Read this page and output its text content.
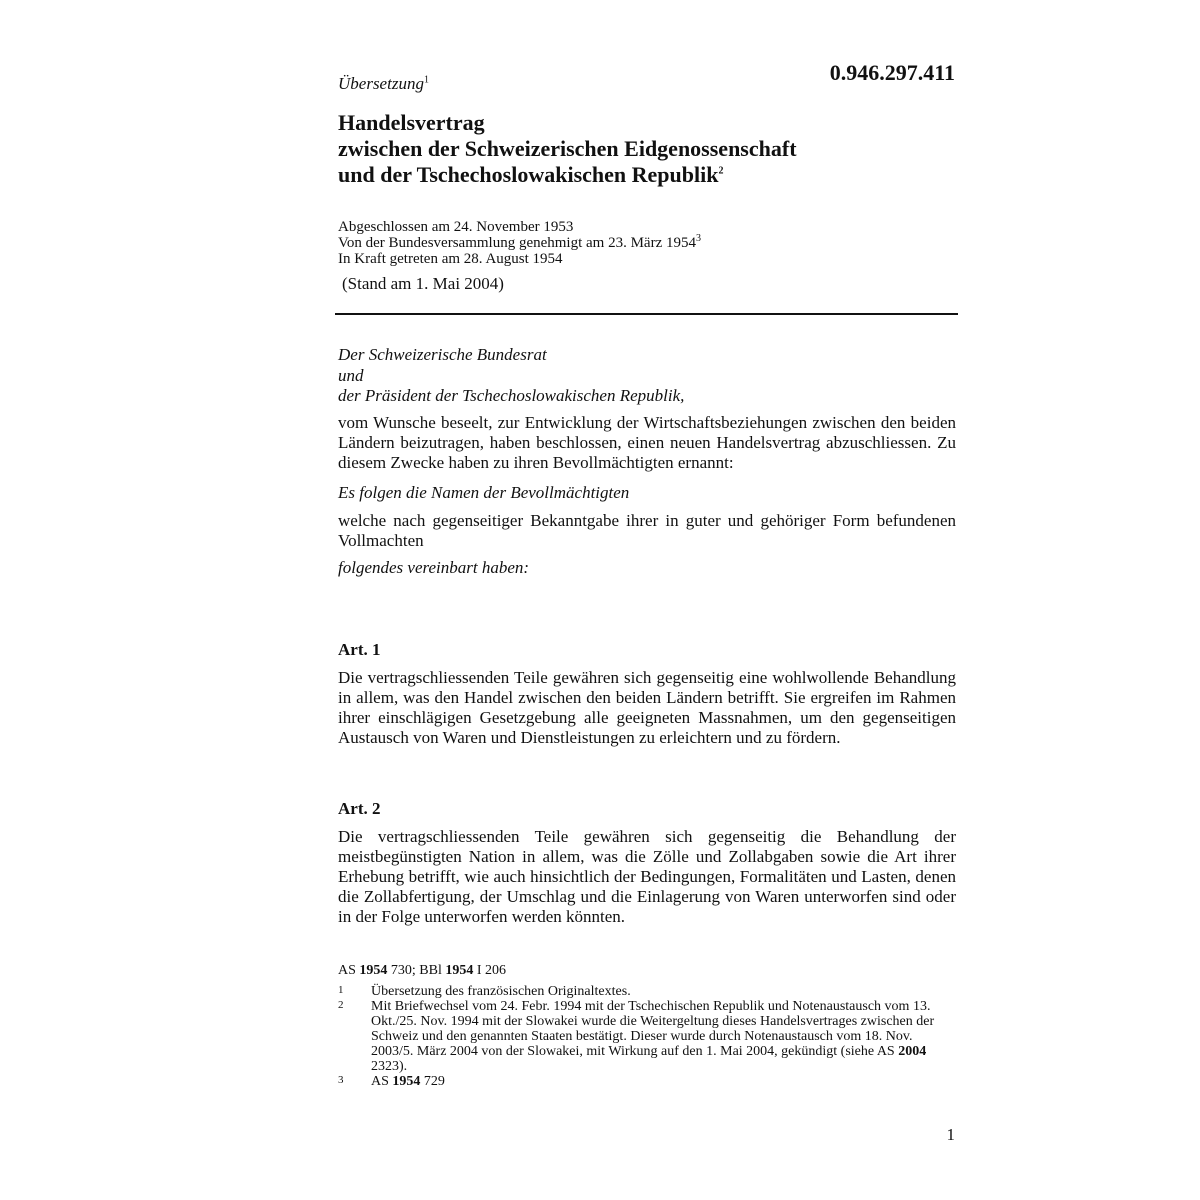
Übersetzung$^1$	0.946.297.411
Handelsvertrag
zwischen der Schweizerischen Eidgenossenschaft
und der Tschechoslowakischen Republik$^2$
Abgeschlossen am 24. November 1953
Von der Bundesversammlung genehmigt am 23. März 1954$^3$
In Kraft getreten am 28. August 1954
(Stand am 1. Mai 2004)
Der Schweizerische Bundesrat
und
der Präsident der Tschechoslowakischen Republik,
vom Wunsche beseelt, zur Entwicklung der Wirtschaftsbeziehungen zwischen den beiden Ländern beizutragen, haben beschlossen, einen neuen Handelsvertrag abzuschliessen. Zu diesem Zwecke haben zu ihren Bevollmächtigten ernannt:
Es folgen die Namen der Bevollmächtigten
welche nach gegenseitiger Bekanntgabe ihrer in guter und gehöriger Form befundenen Vollmachten
folgendes vereinbart haben:
Art. 1
Die vertragschliessenden Teile gewähren sich gegenseitig eine wohlwollende Behandlung in allem, was den Handel zwischen den beiden Ländern betrifft. Sie ergreifen im Rahmen ihrer einschlägigen Gesetzgebung alle geeigneten Massnahmen, um den gegenseitigen Austausch von Waren und Dienstleistungen zu erleichtern und zu fördern.
Art. 2
Die vertragschliessenden Teile gewähren sich gegenseitig die Behandlung der meistbegünstigten Nation in allem, was die Zölle und Zollabgaben sowie die Art ihrer Erhebung betrifft, wie auch hinsichtlich der Bedingungen, Formalitäten und Lasten, denen die Zollabfertigung, der Umschlag und die Einlagerung von Waren unterworfen sind oder in der Folge unterworfen werden könnten.
AS 1954 730; BBl 1954 I 206
1	Übersetzung des französischen Originaltextes.
2	Mit Briefwechsel vom 24. Febr. 1994 mit der Tschechischen Republik und Notenaustausch vom 13. Okt./25. Nov. 1994 mit der Slowakei wurde die Weitergeltung dieses Handelsvertrages zwischen der Schweiz und den genannten Staaten bestätigt. Dieser wurde durch Notenaustausch vom 18. Nov. 2003/5. März 2004 von der Slowakei, mit Wirkung auf den 1. Mai 2004, gekündigt (siehe AS 2004 2323).
3	AS 1954 729
1
